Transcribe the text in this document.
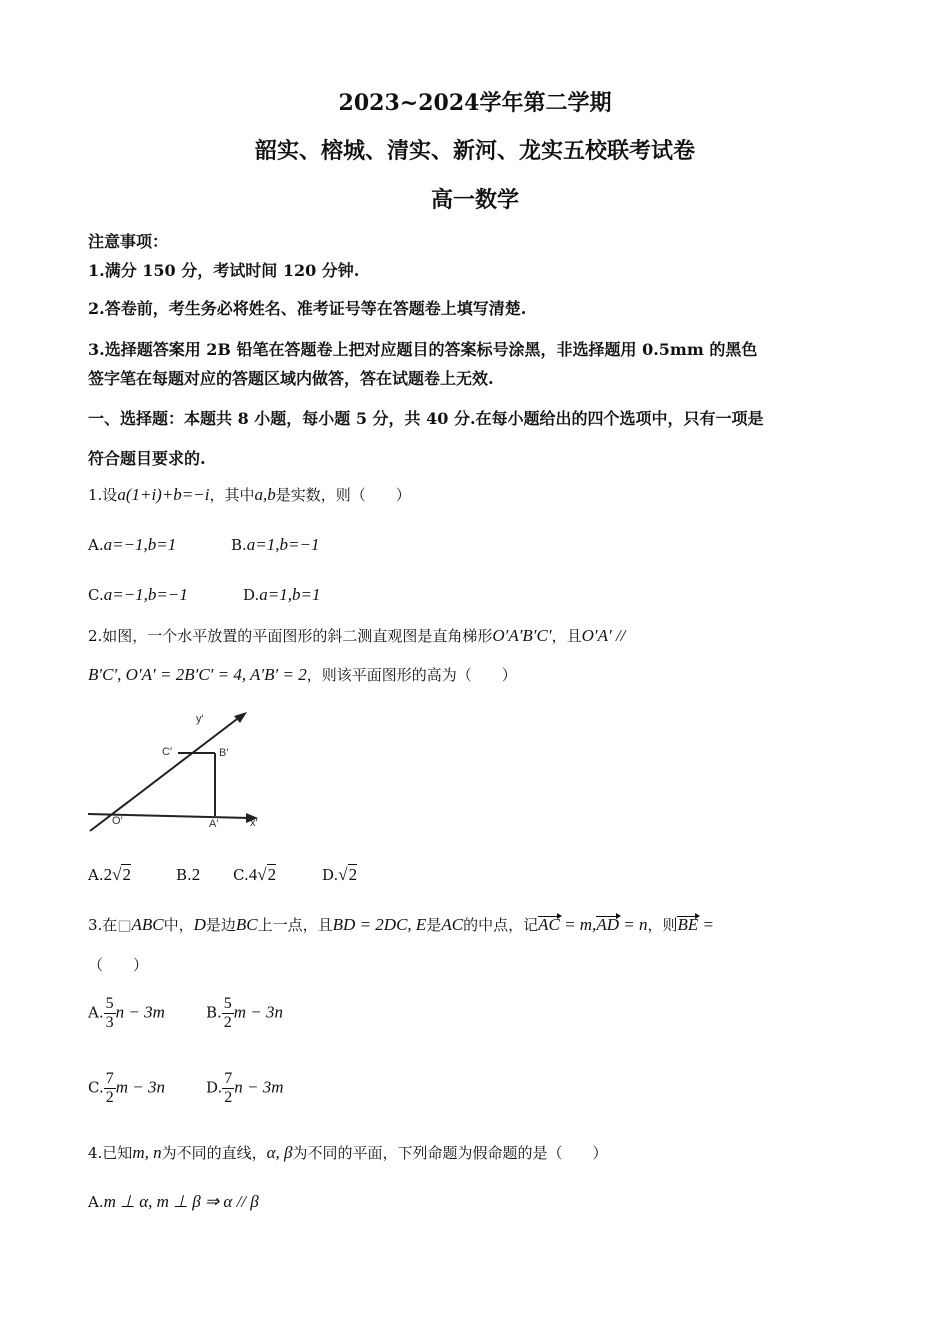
2023~2024学年第二学期
韶实、榕城、清实、新河、龙实五校联考试卷
高一数学
注意事项：
1.满分 150 分，考试时间 120 分钟.
2.答卷前，考生务必将姓名、准考证号等在答题卷上填写清楚.
3.选择题答案用 2B 铅笔在答题卷上把对应题目的答案标号涂黑，非选择题用 0.5mm 的黑色
签字笔在每题对应的答题区域内做答，答在试题卷上无效.
一、选择题：本题共 8 小题，每小题 5 分，共 40 分.在每小题给出的四个选项中，只有一项是
符合题目要求的.
1.设a(1+i)+b=−i，其中a,b是实数，则（　　）
A.a=−1,b=1	B.a=1,b=−1
C.a=−1,b=−1	D.a=1,b=1
2.如图，一个水平放置的平面图形的斜二测直观图是直角梯形O′A′B′C′，且O′A′ //
B′C′, O′A′ = 2B′C′ = 4, A′B′ = 2，则该平面图形的高为（　　）
y′
x′
O′	A′
B′
C′
A.2√2	B.2 C.4√2	D.√2
3.在□ABC中，D是边BC上一点，且BD = 2DC, E是AC的中点，记AC = m,AD = n，则BE =
（　　）
A. $\frac{5}{3}$ n − 3m	B. $\frac{5}{2}$ m − 3n
C. $\frac{7}{2}$ m − 3n	D. $\frac{7}{2}$ n − 3m
4.已知m, n为不同的直线，α, β为不同的平面，下列命题为假命题的是（　　）
A.m ⊥ α, m ⊥ β ⇒ α // β
